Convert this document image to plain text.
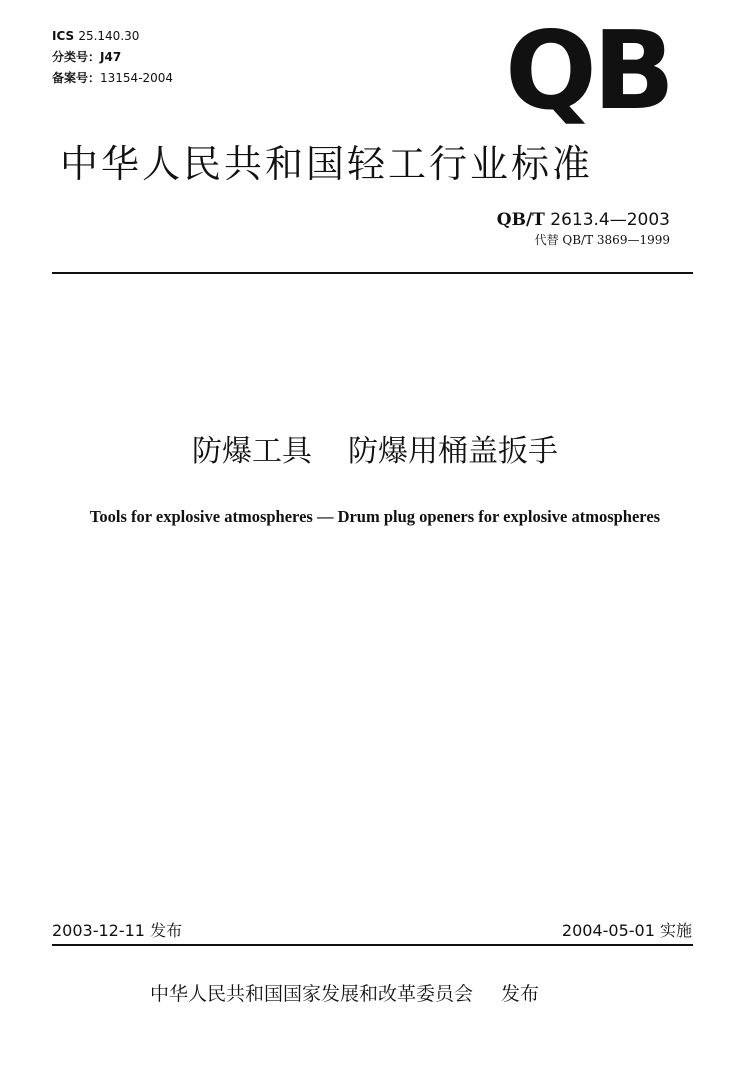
ICS 25.140.30
分类号：J47
备案号：13154-2004	QB
中华人民共和国轻工行业标准
QB/T 2613.4—2003
代替 QB/T 3869—1999
防爆工具 防爆用桶盖扳手
Tools for explosive atmospheres — Drum plug openers for explosive atmospheres
2003-12-11 发布	2004-05-01 实施
中华人民共和国国家发展和改革委员会 发布
